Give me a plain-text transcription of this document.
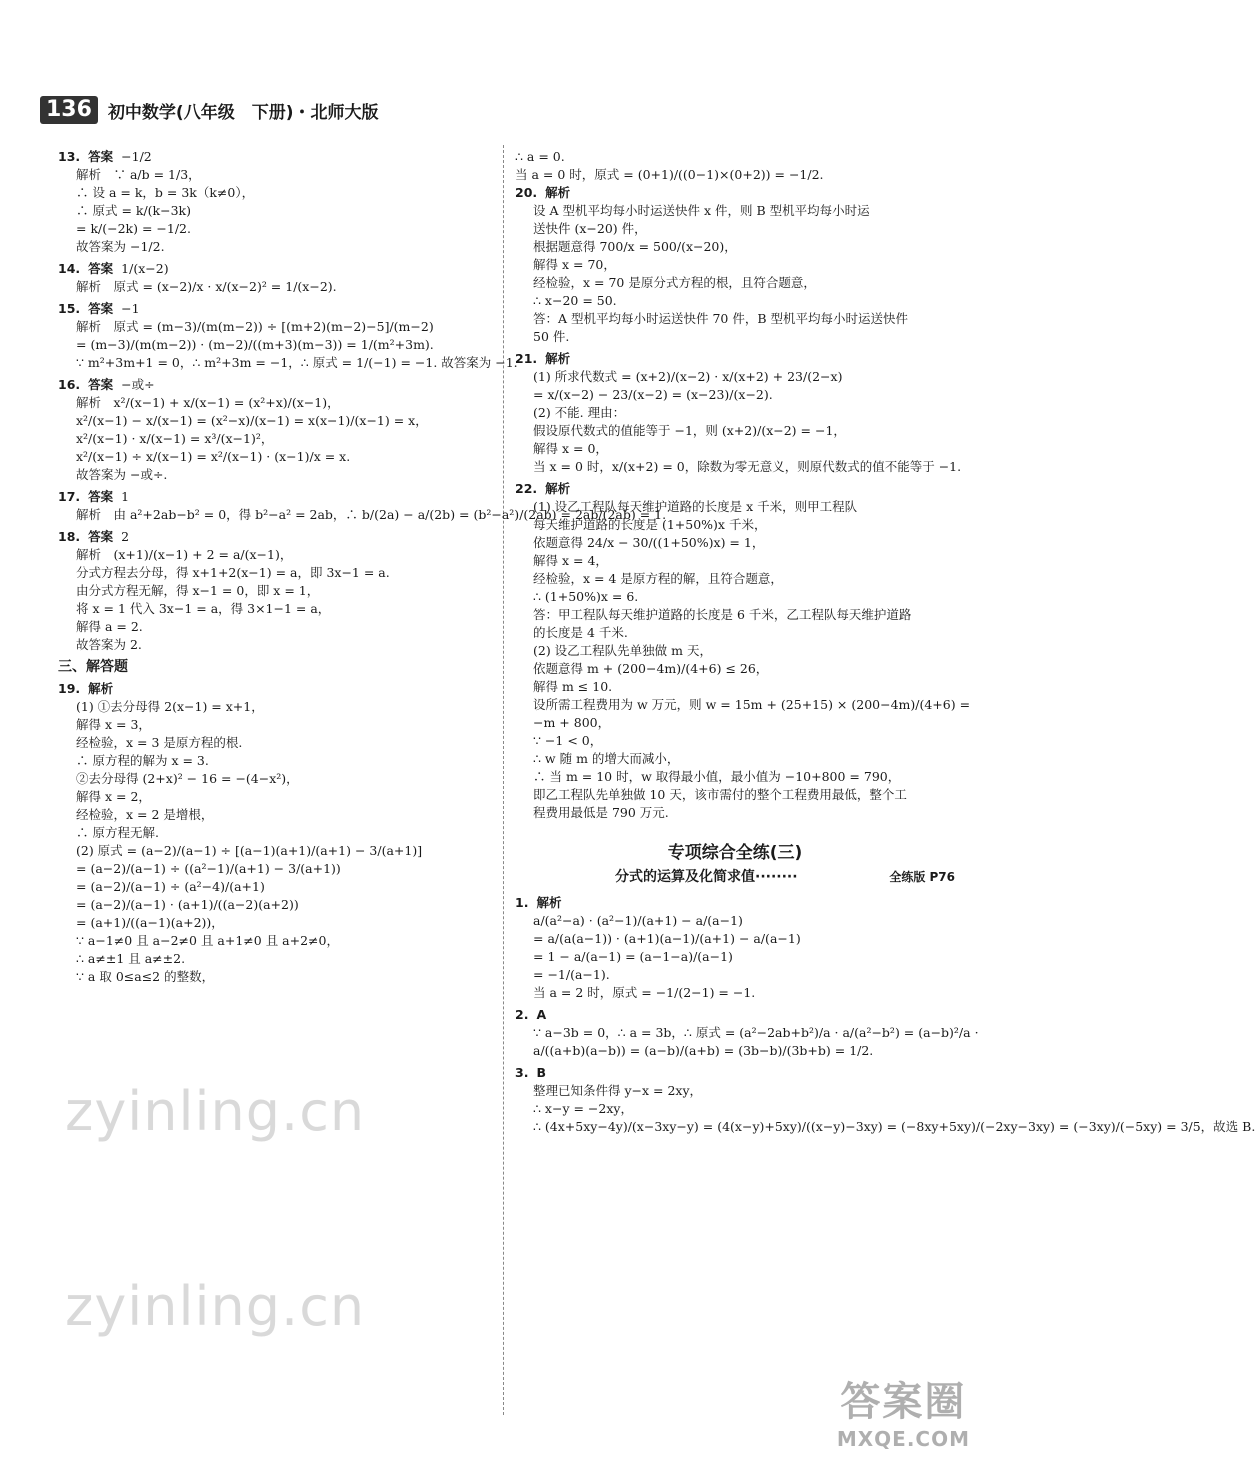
136 初中数学(八年级　下册)・北师大版
13. 答案 −1/2
解析　∵ a/b = 1/3，
∴ 设 a = k，b = 3k（k≠0），
∴ 原式 = k/(k−3k)
= k/(−2k) = −1/2.
故答案为 −1/2.
14. 答案 1/(x−2)
解析　原式 = (x−2)/x · x/(x−2)² = 1/(x−2).
15. 答案 −1
解析　原式 = (m−3)/(m(m−2)) ÷ [(m+2)(m−2)−5]/(m−2)
= (m−3)/(m(m−2)) · (m−2)/((m+3)(m−3)) = 1/(m²+3m).
∵ m²+3m+1 = 0，∴ m²+3m = −1，∴ 原式 = 1/(−1) = −1. 故答案为 −1.
16. 答案 −或÷
解析　x²/(x−1) + x/(x−1) = (x²+x)/(x−1)，
x²/(x−1) − x/(x−1) = (x²−x)/(x−1) = x(x−1)/(x−1) = x，
x²/(x−1) · x/(x−1) = x³/(x−1)²，
x²/(x−1) ÷ x/(x−1) = x²/(x−1) · (x−1)/x = x.
故答案为 −或÷.
17. 答案 1
解析　由 a²+2ab−b² = 0，得 b²−a² = 2ab，∴ b/(2a) − a/(2b) = (b²−a²)/(2ab) = 2ab/(2ab) = 1.
18. 答案 2
解析　(x+1)/(x−1) + 2 = a/(x−1)，
分式方程去分母，得 x+1+2(x−1) = a，即 3x−1 = a.
由分式方程无解，得 x−1 = 0，即 x = 1，
将 x = 1 代入 3x−1 = a，得 3×1−1 = a，
解得 a = 2.
故答案为 2.
三、解答题
19. 解析
(1) ①去分母得 2(x−1) = x+1，
解得 x = 3，
经检验，x = 3 是原方程的根.
∴ 原方程的解为 x = 3.
②去分母得 (2+x)² − 16 = −(4−x²)，
解得 x = 2，
经检验，x = 2 是增根，
∴ 原方程无解.
(2) 原式 = (a−2)/(a−1) ÷ [(a−1)(a+1)/(a+1) − 3/(a+1)]
= (a−2)/(a−1) ÷ ((a²−1)/(a+1) − 3/(a+1))
= (a−2)/(a−1) ÷ (a²−4)/(a+1)
= (a−2)/(a−1) · (a+1)/((a−2)(a+2))
= (a+1)/((a−1)(a+2))，
∵ a−1≠0 且 a−2≠0 且 a+1≠0 且 a+2≠0，
∴ a≠±1 且 a≠±2.
∵ a 取 0≤a≤2 的整数，
∴ a = 0.
当 a = 0 时，原式 = (0+1)/((0−1)×(0+2)) = −1/2.
20. 解析
设 A 型机平均每小时运送快件 x 件，则 B 型机平均每小时运
送快件 (x−20) 件，
根据题意得 700/x = 500/(x−20)，
解得 x = 70，
经检验，x = 70 是原分式方程的根，且符合题意，
∴ x−20 = 50.
答：A 型机平均每小时运送快件 70 件，B 型机平均每小时运送快件
50 件.
21. 解析
(1) 所求代数式 = (x+2)/(x−2) · x/(x+2) + 23/(2−x)
= x/(x−2) − 23/(x−2) = (x−23)/(x−2).
(2) 不能. 理由：
假设原代数式的值能等于 −1，则 (x+2)/(x−2) = −1，
解得 x = 0，
当 x = 0 时，x/(x+2) = 0，除数为零无意义，则原代数式的值不能等于 −1.
22. 解析
(1) 设乙工程队每天维护道路的长度是 x 千米，则甲工程队
每天维护道路的长度是 (1+50%)x 千米，
依题意得 24/x − 30/((1+50%)x) = 1，
解得 x = 4，
经检验，x = 4 是原方程的解，且符合题意，
∴ (1+50%)x = 6.
答：甲工程队每天维护道路的长度是 6 千米，乙工程队每天维护道路
的长度是 4 千米.
(2) 设乙工程队先单独做 m 天，
依题意得 m + (200−4m)/(4+6) ≤ 26，
解得 m ≤ 10.
设所需工程费用为 w 万元，则 w = 15m + (25+15) × (200−4m)/(4+6) =
−m + 800，
∵ −1 < 0，
∴ w 随 m 的增大而减小，
∴ 当 m = 10 时，w 取得最小值，最小值为 −10+800 = 790，
即乙工程队先单独做 10 天，该市需付的整个工程费用最低，整个工
程费用最低是 790 万元.
专项综合全练(三)
分式的运算及化简求值········	全练版 P76
1. 解析
a/(a²−a) · (a²−1)/(a+1) − a/(a−1)
= a/(a(a−1)) · (a+1)(a−1)/(a+1) − a/(a−1)
= 1 − a/(a−1) = (a−1−a)/(a−1)
= −1/(a−1).
当 a = 2 时，原式 = −1/(2−1) = −1.
2. A
∵ a−3b = 0，∴ a = 3b，∴ 原式 = (a²−2ab+b²)/a · a/(a²−b²) = (a−b)²/a ·
a/((a+b)(a−b)) = (a−b)/(a+b) = (3b−b)/(3b+b) = 1/2.
3. B
整理已知条件得 y−x = 2xy，
∴ x−y = −2xy，
∴ (4x+5xy−4y)/(x−3xy−y) = (4(x−y)+5xy)/((x−y)−3xy) = (−8xy+5xy)/(−2xy−3xy) = (−3xy)/(−5xy) = 3/5，故选 B.
zyinling.cn
zyinling.cn
答案圈
MXQE.COM
